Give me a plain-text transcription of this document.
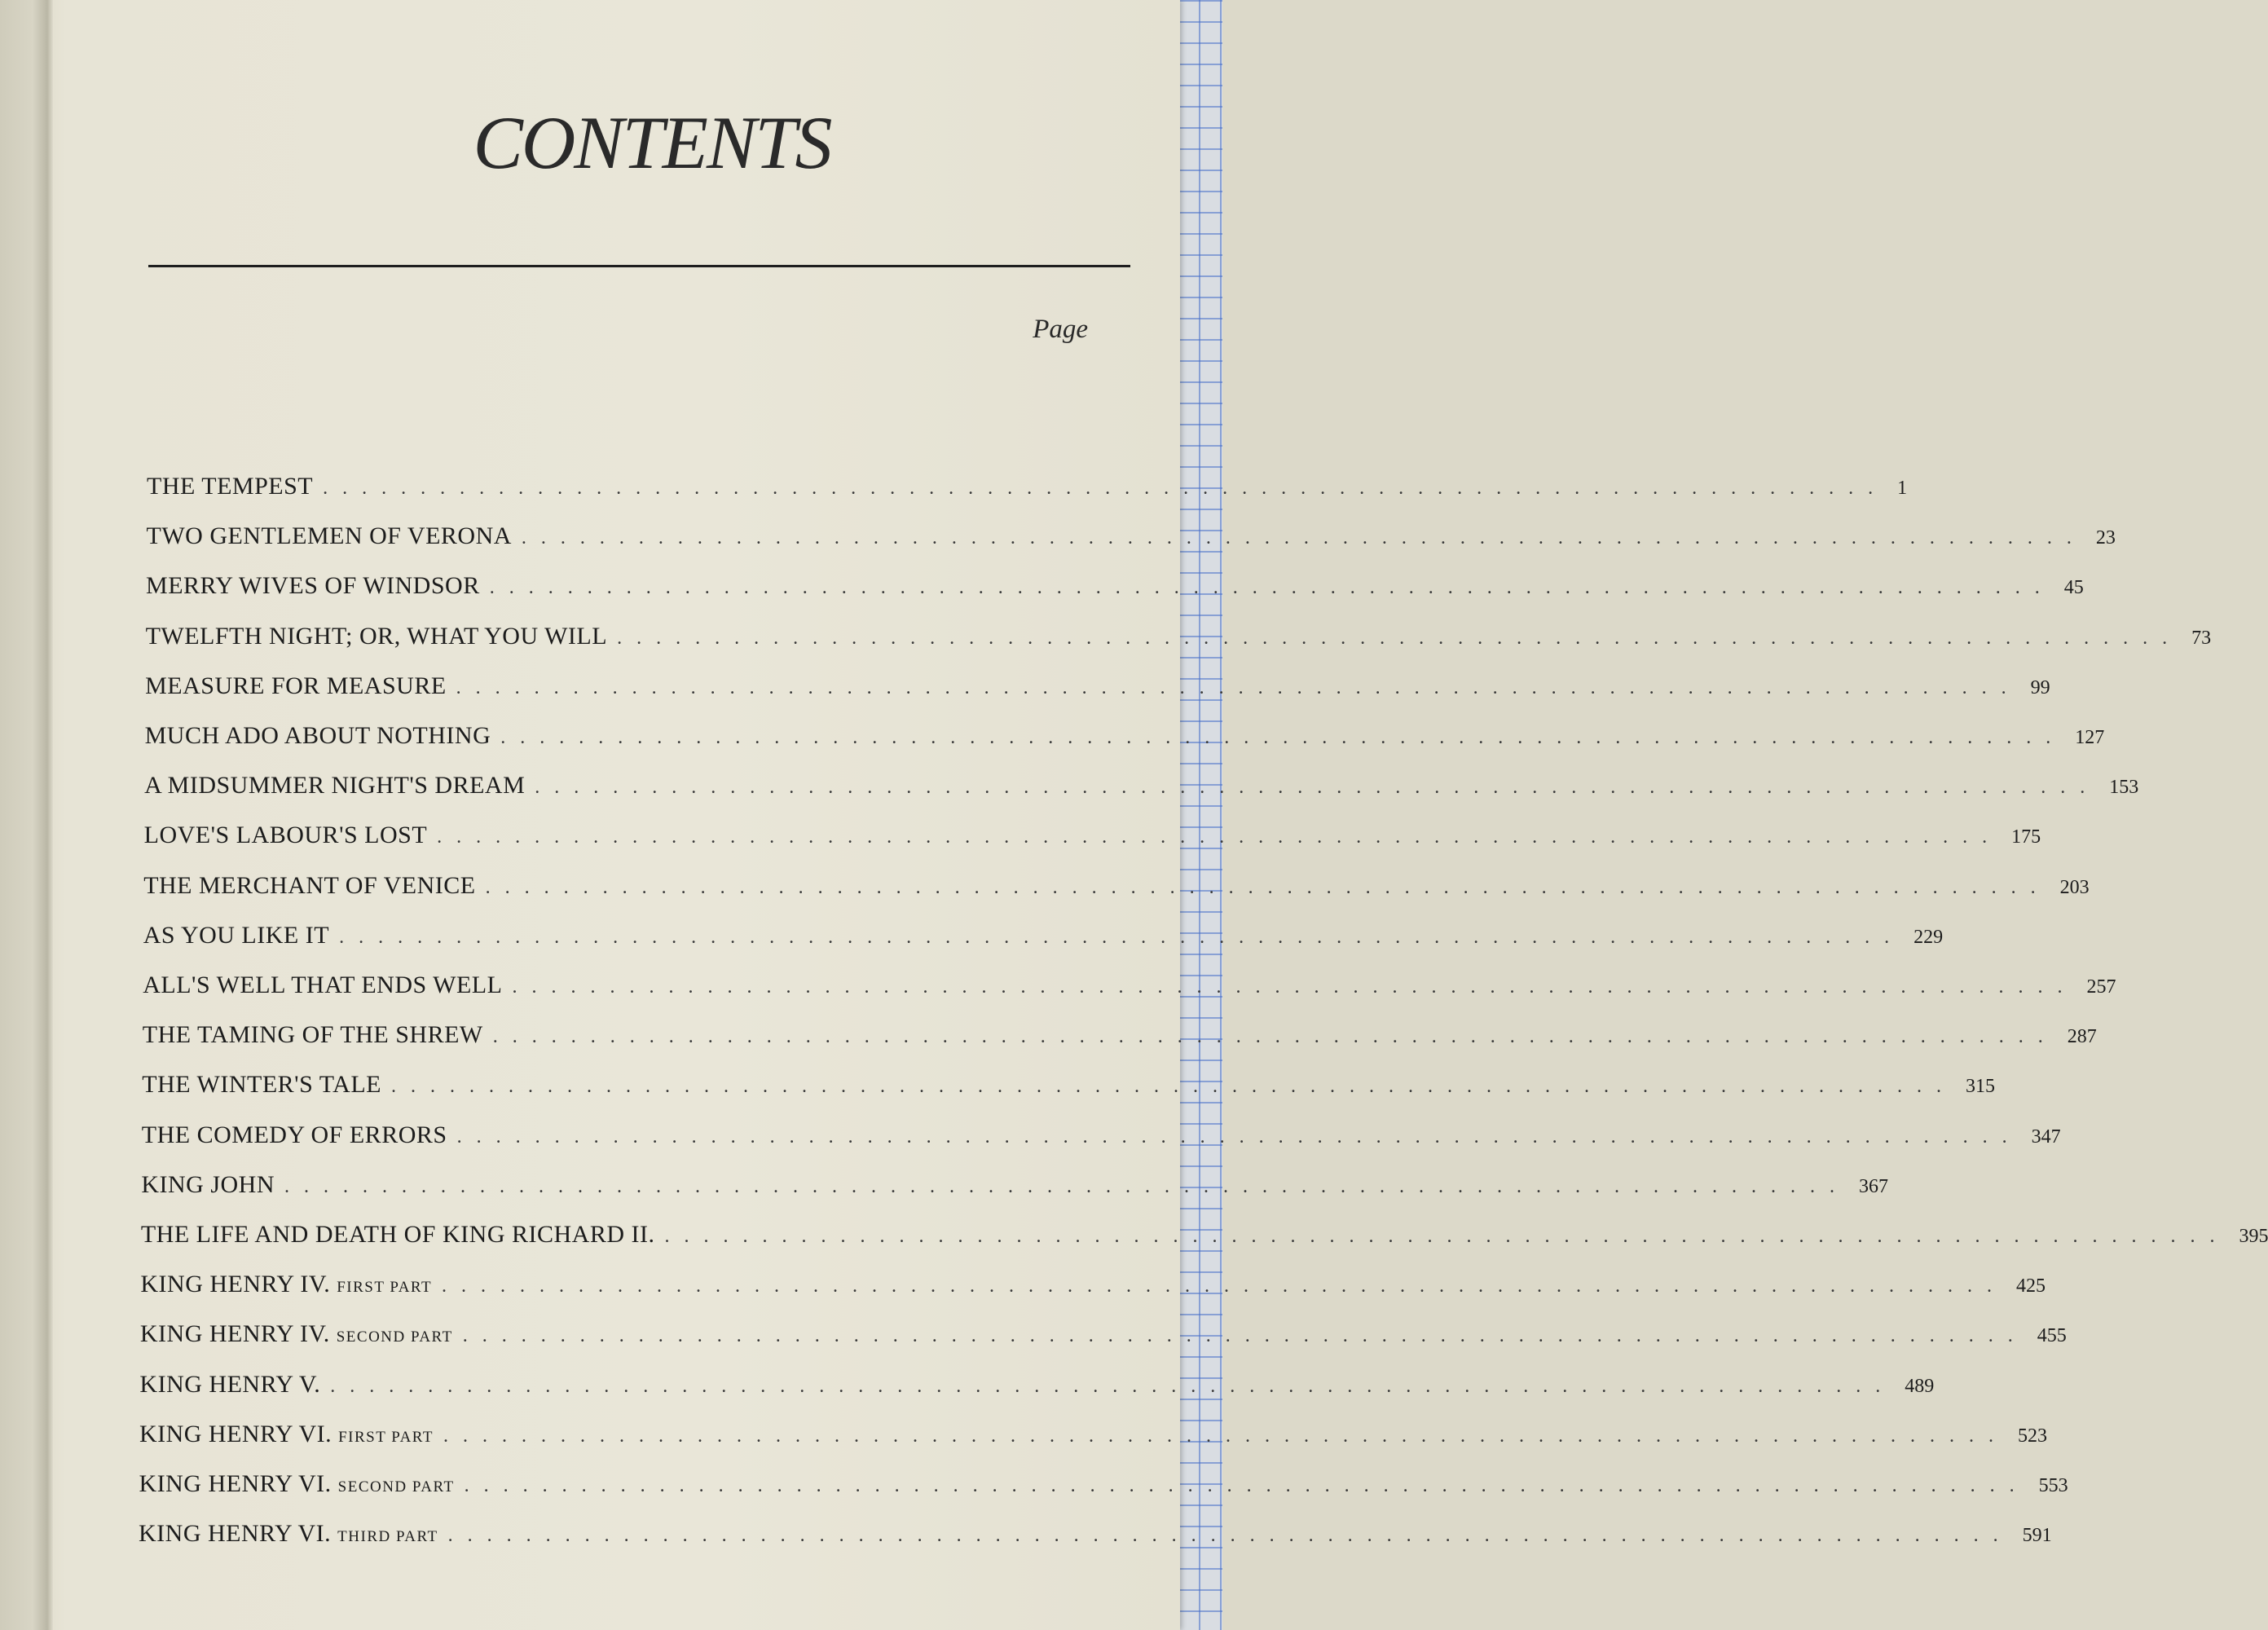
CONTENTS
Page
THE TEMPEST ................................................................................ 1
TWO GENTLEMEN OF VERONA ................................................................................ 23
MERRY WIVES OF WINDSOR ................................................................................ 45
TWELFTH NIGHT; OR, WHAT YOU WILL ................................................................................ 73
MEASURE FOR MEASURE ................................................................................ 99
MUCH ADO ABOUT NOTHING ................................................................................ 127
A MIDSUMMER NIGHT'S DREAM ................................................................................ 153
LOVE'S LABOUR'S LOST ................................................................................ 175
THE MERCHANT OF VENICE ................................................................................ 203
AS YOU LIKE IT ................................................................................ 229
ALL'S WELL THAT ENDS WELL ................................................................................ 257
THE TAMING OF THE SHREW ................................................................................ 287
THE WINTER'S TALE ................................................................................ 315
THE COMEDY OF ERRORS ................................................................................ 347
KING JOHN ................................................................................ 367
THE LIFE AND DEATH OF KING RICHARD II. ................................................................................ 395
KING HENRY IV. FIRST PART ................................................................................ 425
KING HENRY IV. SECOND PART ................................................................................ 455
KING HENRY V. ................................................................................ 489
KING HENRY VI. FIRST PART ................................................................................ 523
KING HENRY VI. SECOND PART ................................................................................ 553
KING HENRY VI. THIRD PART ................................................................................ 591
